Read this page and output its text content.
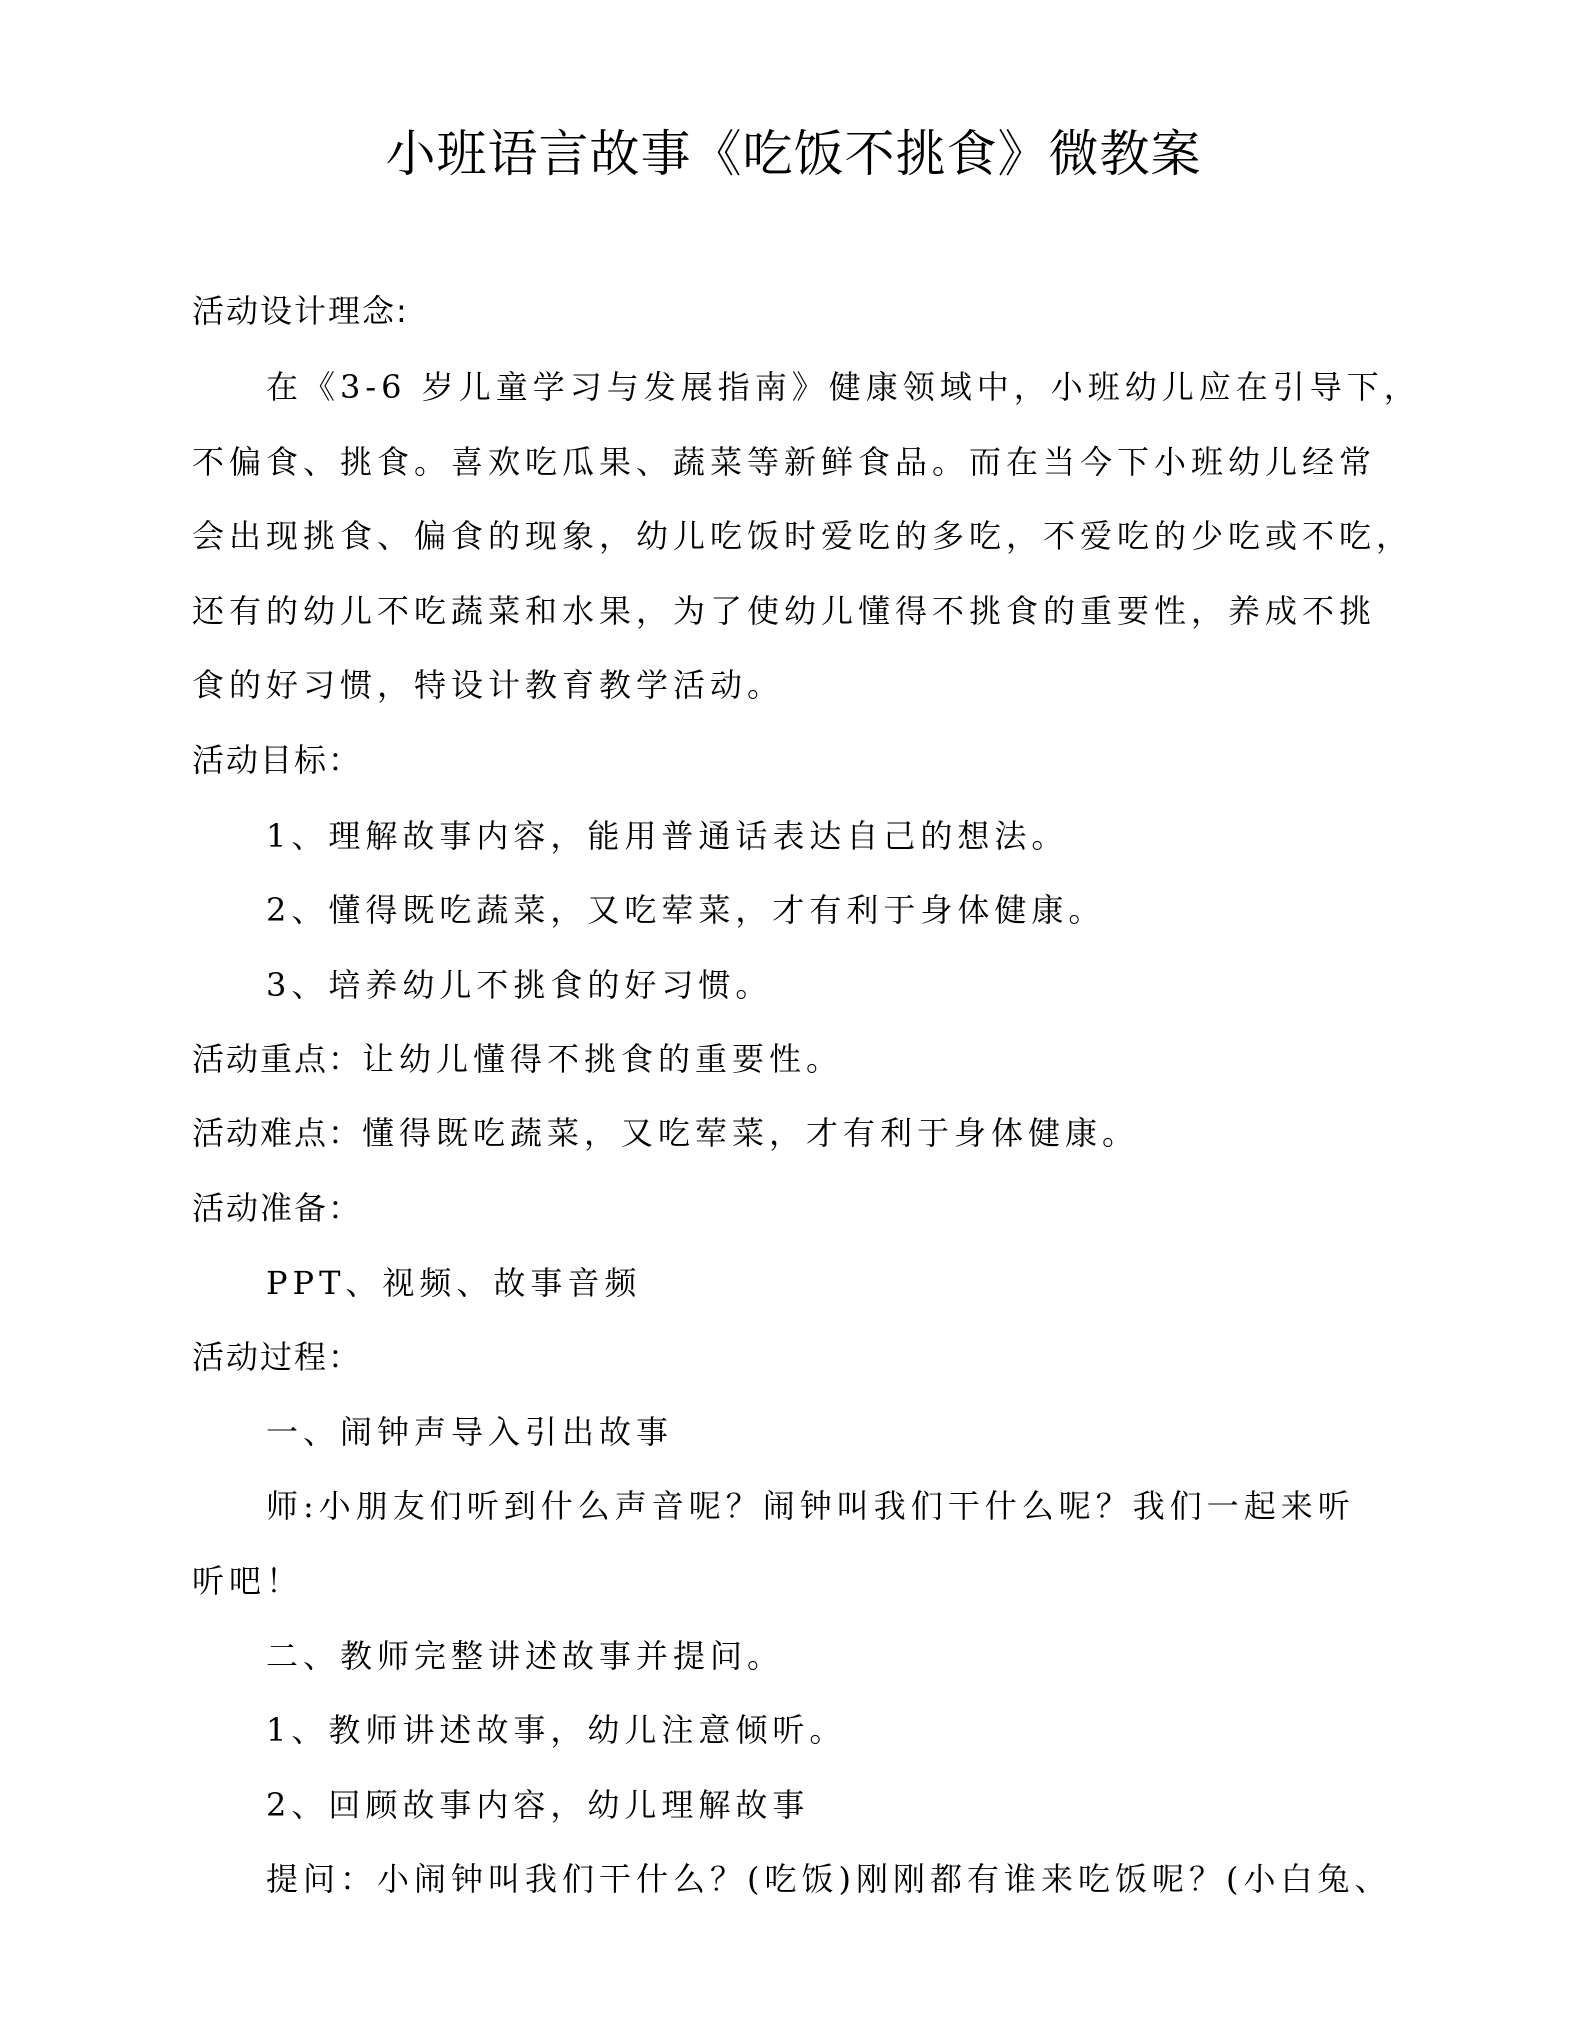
小班语言故事《吃饭不挑食》微教案
活动设计理念:
在《3-6 岁儿童学习与发展指南》健康领域中，小班幼儿应在引导下，
不偏食、挑食。喜欢吃瓜果、蔬菜等新鲜食品。而在当今下小班幼儿经常
会出现挑食、偏食的现象，幼儿吃饭时爱吃的多吃，不爱吃的少吃或不吃，
还有的幼儿不吃蔬菜和水果，为了使幼儿懂得不挑食的重要性，养成不挑
食的好习惯，特设计教育教学活动。
活动目标：
1、理解故事内容，能用普通话表达自己的想法。
2、懂得既吃蔬菜，又吃荤菜，才有利于身体健康。
3、培养幼儿不挑食的好习惯。
活动重点：让幼儿懂得不挑食的重要性。
活动难点：懂得既吃蔬菜，又吃荤菜，才有利于身体健康。
活动准备：
PPT、视频、故事音频
活动过程：
一、闹钟声导入引出故事
师:小朋友们听到什么声音呢？闹钟叫我们干什么呢？我们一起来听
听吧！
二、教师完整讲述故事并提问。
1、教师讲述故事，幼儿注意倾听。
2、回顾故事内容，幼儿理解故事
提问：小闹钟叫我们干什么？(吃饭)刚刚都有谁来吃饭呢？(小白兔、
